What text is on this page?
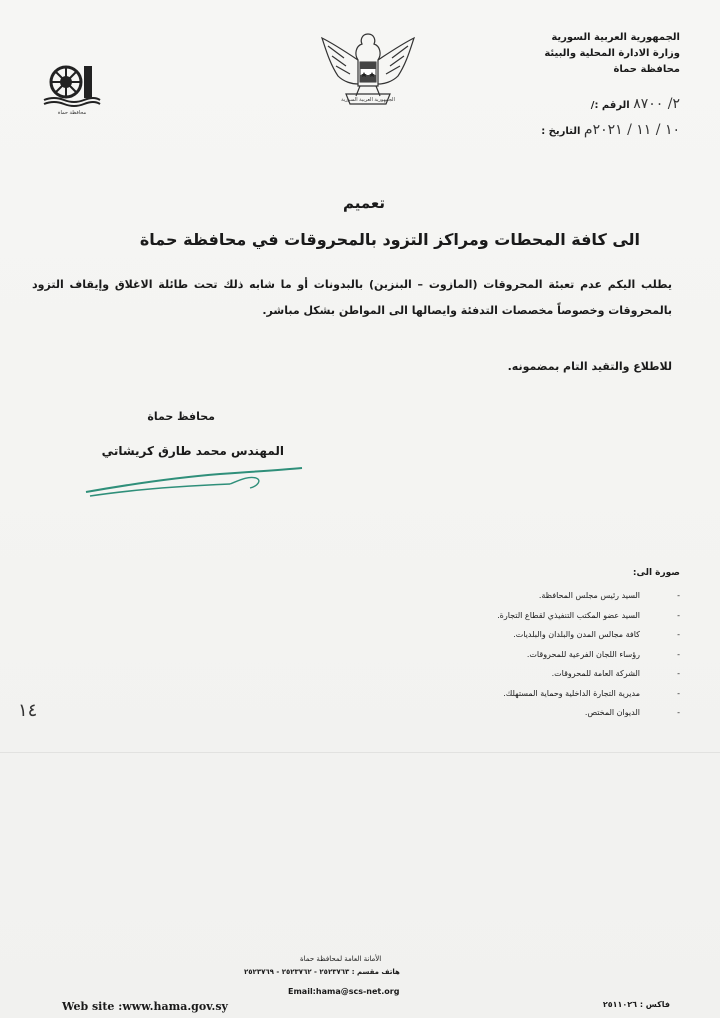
الجمهورية العربية السورية
وزارة الادارة المحلية والبيئة
محافظة حماة
الرقم :/ ٢/ ٨٧٠٠
التاريخ : ١٠ / ١١ / ٢٠٢١م
الجمهورية العربية السورية
محافظة حماة
تعميم
الى كافة المحطات ومراكز التزود بالمحروقات في محافظة حماة
يطلب اليكم عدم تعبئة المحروقات (المازوت – البنزين) بالبدونات أو ما شابه ذلك تحت طائلة الاغلاق وإيقاف التزود بالمحروقات وخصوصاً مخصصات التدفئة وايصالها الى المواطن بشكل مباشر.
للاطلاع والتقيد التام بمضمونه.
محافظ حماة
المهندس محمد طارق كريشاتي
صورة الى:
- السيد رئيس مجلس المحافظة.
- السيد عضو المكتب التنفيذي لقطاع التجارة.
- كافة مجالس المدن والبلدان والبلديات.
- رؤساء اللجان الفرعية للمحروقات.
- الشركة العامة للمحروقات.
- مديرية التجارة الداخلية وحماية المستهلك.
- الديوان المختص.
١٤
الأمانة العامة لمحافظة حماة
هاتف مقسم : ٢٥٢٣٧٦٣ - ٢٥٢٣٧٦٢ - ٢٥٢٣٧٦٩
Email:hama@scs-net.org
فاكس : ٢٥١١٠٢٦
Web site :www.hama.gov.sy
